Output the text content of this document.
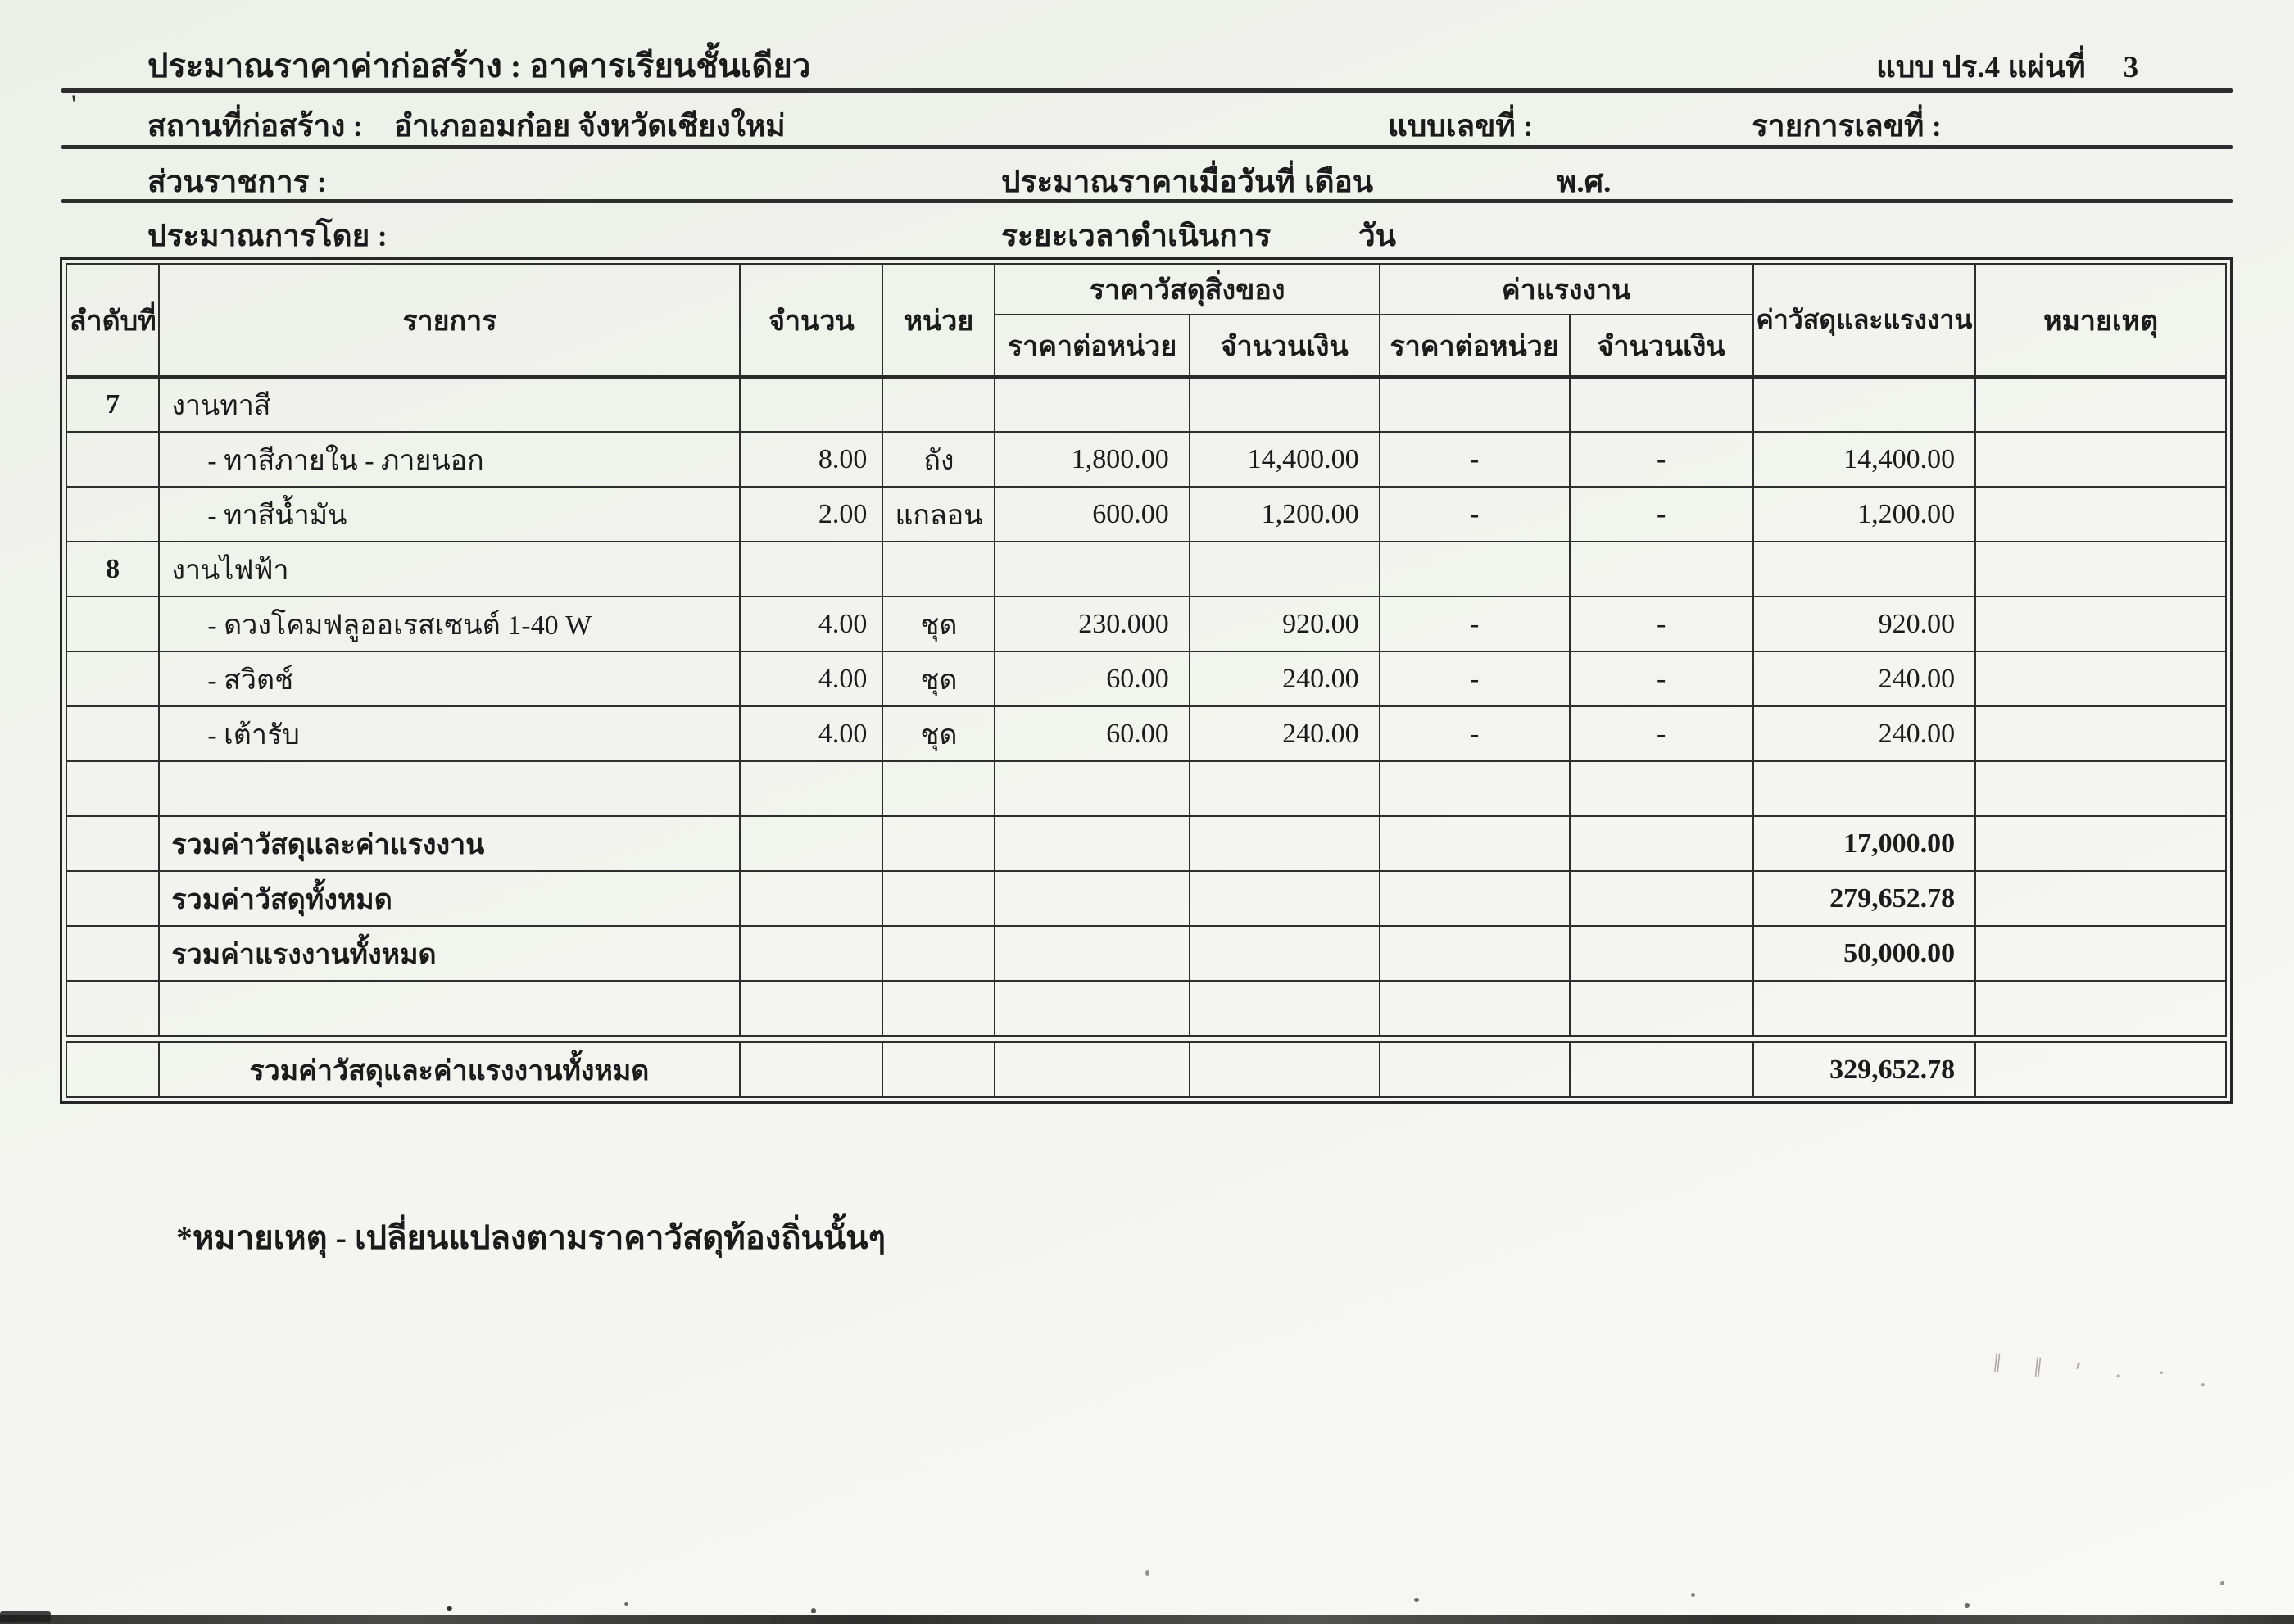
ประมาณราคาค่าก่อสร้าง : อาคารเรียนชั้นเดียว	แบบ ปร.4 แผ่นที่ 3
สถานที่ก่อสร้าง : อำเภออมก๋อย จังหวัดเชียงใหม่	แบบเลขที่ :	รายการเลขที่ :
ส่วนราชการ :	ประมาณราคาเมื่อวันที่ เดือน	พ.ศ.
ประมาณการโดย :	ระยะเวลาดำเนินการ	วัน
ลำดับที่	รายการ	จำนวน	หน่วย	ราคาวัสดุสิ่งของ		ค่าแรงงาน		ค่าวัสดุและแรงงาน	หมายเหตุ
				ราคาต่อหน่วย	จำนวนเงิน	ราคาต่อหน่วย	จำนวนเงิน		
7	งานทาสี								
	- ทาสีภายใน - ภายนอก	8.00	ถัง	1,800.00	14,400.00	-	-	14,400.00	
	- ทาสีน้ำมัน	2.00	แกลอน	600.00	1,200.00	-	-	1,200.00	
8	งานไฟฟ้า								
	- ดวงโคมฟลูออเรสเซนต์ 1-40 W	4.00	ชุด	230.000	920.00	-	-	920.00	
	- สวิตช์	4.00	ชุด	60.00	240.00	-	-	240.00	
	- เต้ารับ	4.00	ชุด	60.00	240.00	-	-	240.00	

	รวมค่าวัสดุและค่าแรงงาน							17,000.00	
	รวมค่าวัสดุทั้งหมด							279,652.78	
	รวมค่าแรงงานทั้งหมด							50,000.00	

	รวมค่าวัสดุและค่าแรงงานทั้งหมด							329,652.78	
*หมายเหตุ - เปลี่ยนแปลงตามราคาวัสดุท้องถิ่นนั้นๆ
'
‖ ‖ ʹ · ˙ ·
